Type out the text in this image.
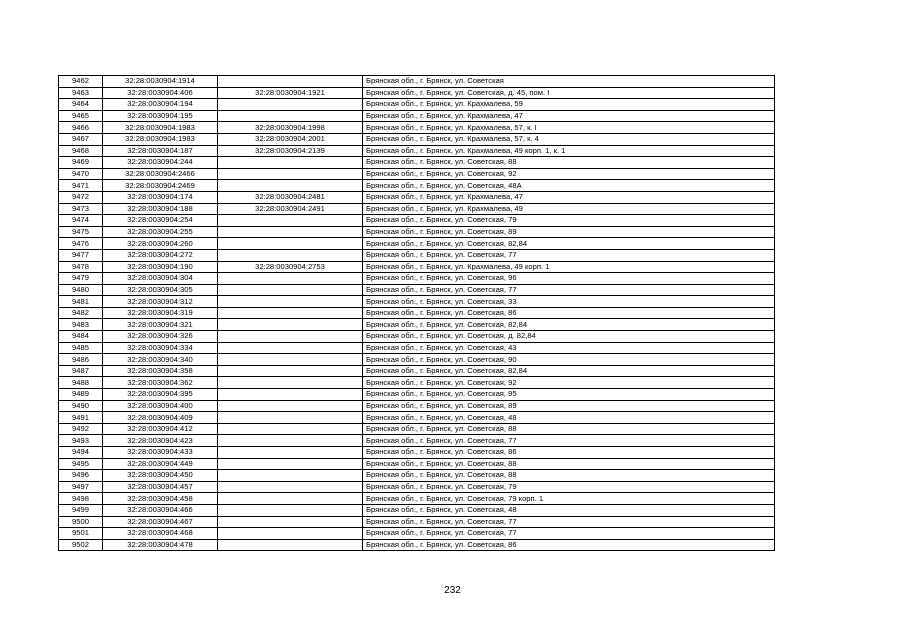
9462	32:28:0030904:1914		Брянская обл., г. Брянск, ул. Советская
9463	32:28:0030904:406	32:28:0030904:1921	Брянская обл., г. Брянск, ул. Советская, д. 45, пом. I
9464	32:28:0030904:194		Брянская обл., г. Брянск, ул. Крахмалева, 59
9465	32:28:0030904:195		Брянская обл., г. Брянск, ул. Крахмалева, 47
9466	32:28:0030904:1983	32:28:0030904:1998	Брянская обл., г. Брянск, ул. Крахмалева, 57, к. I
9467	32:28:0030904:1983	32:28:0030904:2001	Брянская обл., г. Брянск, ул. Крахмалева, 57, к. 4
9468	32:28:0030904:187	32:28:0030904:2139	Брянская обл., г. Брянск, ул. Крахмалева, 49 корп. 1, к. 1
9469	32:28:0030904:244		Брянская обл., г. Брянск, ул. Советская, 88
9470	32:28:0030904:2466		Брянская обл., г. Брянск, ул. Советская, 92
9471	32:28:0030904:2469		Брянская обл., г. Брянск, ул. Советская, 48А
9472	32:28:0030904:174	32:28:0030904:2481	Брянская обл., г. Брянск, ул. Крахмалева, 47
9473	32:28:0030904:188	32:28:0030904:2491	Брянская обл., г. Брянск, ул. Крахмалева, 49
9474	32:28:0030904:254		Брянская обл., г. Брянск, ул. Советская, 79
9475	32:28:0030904:255		Брянская обл., г. Брянск, ул. Советская, 89
9476	32:28:0030904:260		Брянская обл., г. Брянск, ул. Советская, 82,84
9477	32:28:0030904:272		Брянская обл., г. Брянск, ул. Советская, 77
9478	32:28:0030904:190	32:28:0030904:2753	Брянская обл., г. Брянск, ул. Крахмалева, 49 корп. 1
9479	32:28:0030904:304		Брянская обл., г. Брянск, ул. Советская, 96
9480	32:28:0030904:305		Брянская обл., г. Брянск, ул. Советская, 77
9481	32:28:0030904:312		Брянская обл., г. Брянск, ул. Советская, 33
9482	32:28:0030904:319		Брянская обл., г. Брянск, ул. Советская, 86
9483	32:28:0030904:321		Брянская обл., г. Брянск, ул. Советская, 82,84
9484	32:28:0030904:326		Брянская обл., г. Брянск, ул. Советская, д. 82,84
9485	32:28:0030904:334		Брянская обл., г. Брянск, ул. Советская, 43
9486	32:28:0030904:340		Брянская обл., г. Брянск, ул. Советская, 90
9487	32:28:0030904:358		Брянская обл., г. Брянск, ул. Советская, 82,84
9488	32:28:0030904:362		Брянская обл., г. Брянск, ул. Советская, 92
9489	32:28:0030904:395		Брянская обл., г. Брянск, ул. Советская, 95
9490	32:28:0030904:400		Брянская обл., г. Брянск, ул. Советская, 89
9491	32:28:0030904:409		Брянская обл., г. Брянск, ул. Советская, 48
9492	32:28:0030904:412		Брянская обл., г. Брянск, ул. Советская, 88
9493	32:28:0030904:423		Брянская обл., г. Брянск, ул. Советская, 77
9494	32:28:0030904:433		Брянская обл., г. Брянск, ул. Советская, 86
9495	32:28:0030904:449		Брянская обл., г. Брянск, ул. Советская, 88
9496	32:28:0030904:450		Брянская обл., г. Брянск, ул. Советская, 88
9497	32:28:0030904:457		Брянская обл., г. Брянск, ул. Советская, 79
9498	32:28:0030904:458		Брянская обл., г. Брянск, ул. Советская, 79 корп. 1
9499	32:28:0030904:466		Брянская обл., г. Брянск, ул. Советская, 48
9500	32:28:0030904:467		Брянская обл., г. Брянск, ул. Советская, 77
9501	32:28:0030904:468		Брянская обл., г. Брянск, ул. Советская, 77
9502	32:28:0030904:478		Брянская обл., г. Брянск, ул. Советская, 86
232
